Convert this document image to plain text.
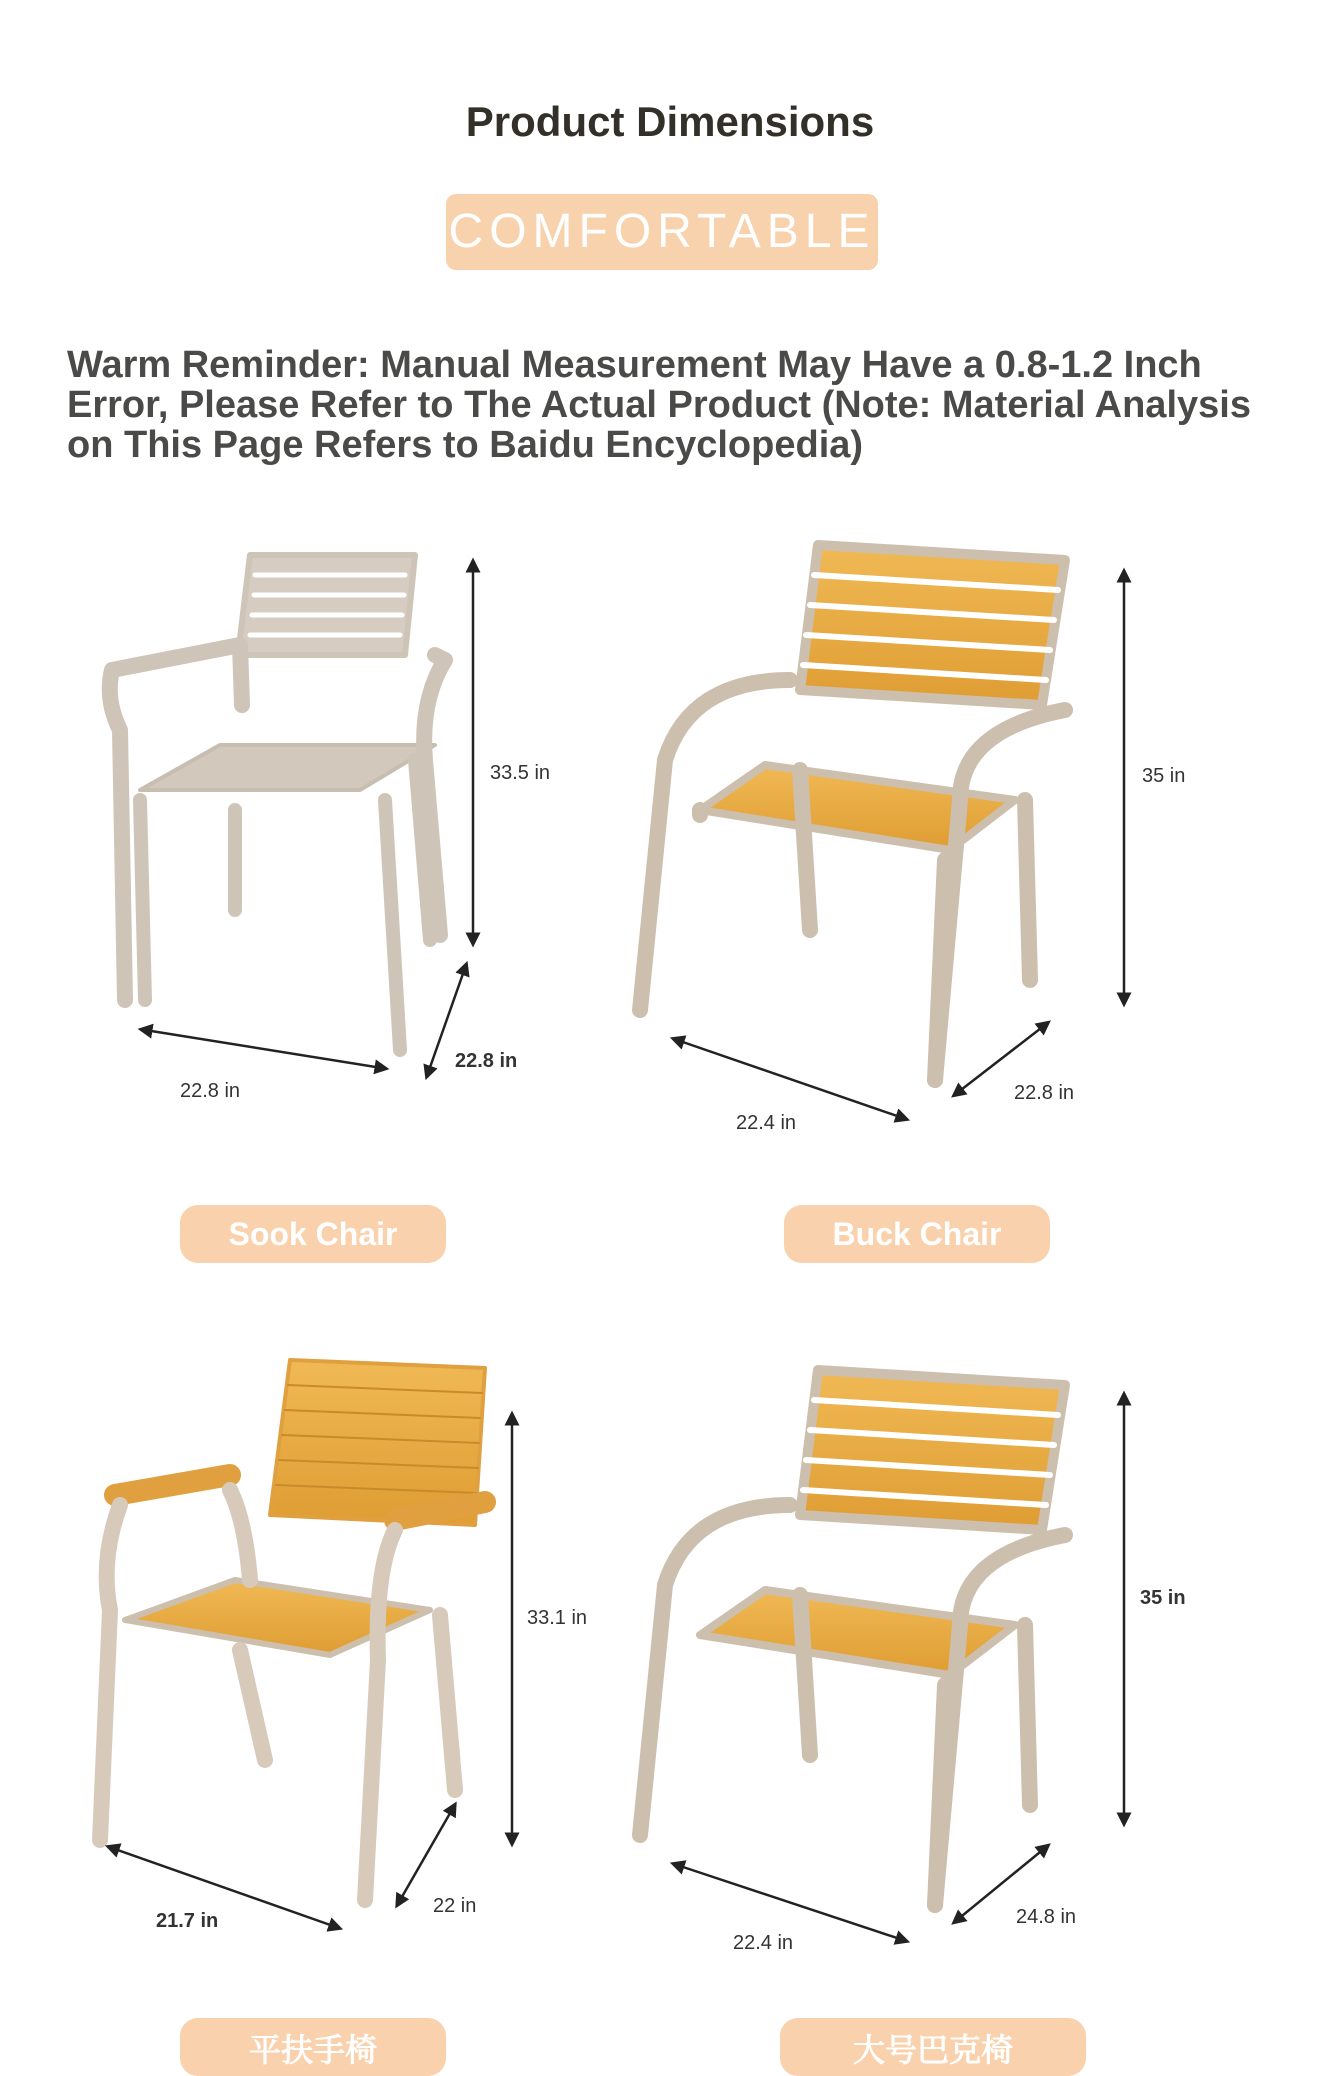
Product Dimensions
COMFORTABLE
Warm Reminder: Manual Measurement May Have a 0.8-1.2 Inch Error, Please Refer to The Actual Product (Note: Material Analysis on This Page Refers to Baidu Encyclopedia)
33.5 in
22.8 in
22.8 in
35 in
22.4 in
22.8 in
33.1 in
21.7 in
22 in
35 in
22.4 in
24.8 in
Sook Chair	Buck Chair
平扶手椅	大号巴克椅
